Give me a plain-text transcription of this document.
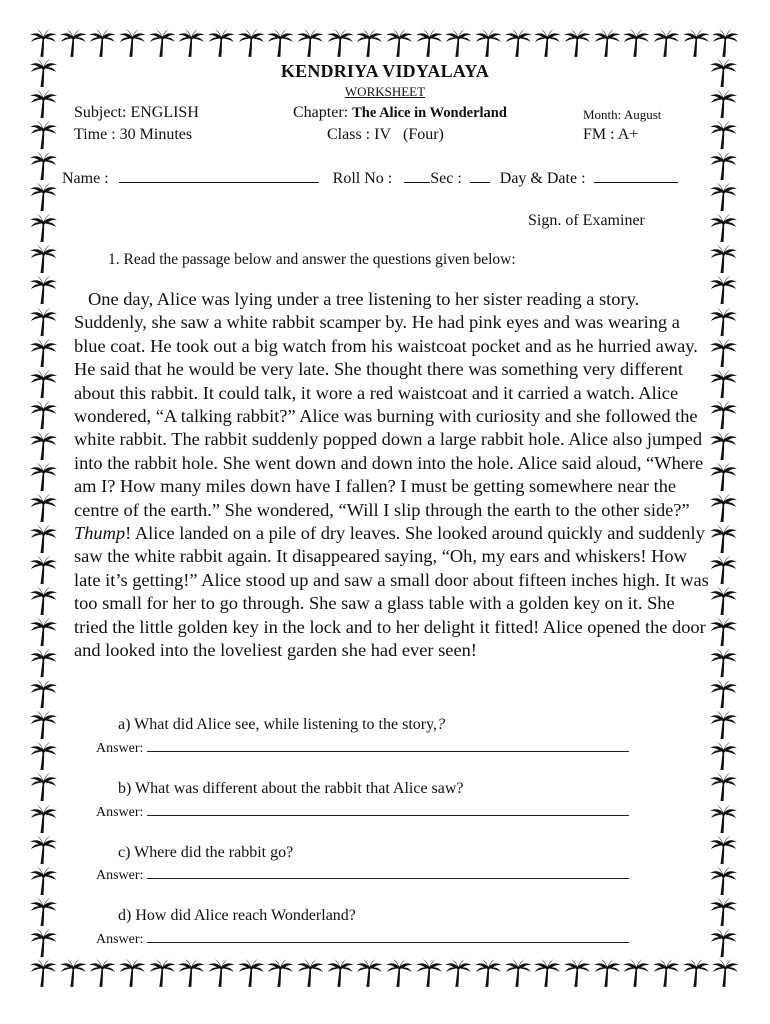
KENDRIYA VIDYALAYA
WORKSHEET
Subject: ENGLISH	Chapter: The Alice in Wonderland	Month: August
Time : 30 Minutes	Class : IV (Four)	FM : A+
Name :	Roll No : Sec : Day & Date :
Sign. of Examiner
1. Read the passage below and answer the questions given below:

One day, Alice was lying under a tree listening to her sister reading a story. Suddenly, she saw a white rabbit scamper by. He had pink eyes and was wearing a blue coat. He took out a big watch from his waistcoat pocket and as he hurried away. He said that he would be very late. She thought there was something very different about this rabbit. It could talk, it wore a red waistcoat and it carried a watch. Alice wondered, “A talking rabbit?” Alice was burning with curiosity and she followed the white rabbit. The rabbit suddenly popped down a large rabbit hole. Alice also jumped into the rabbit hole. She went down and down into the hole. Alice said aloud, “Where am I? How many miles down have I fallen? I must be getting somewhere near the centre of the earth.” She wondered, “Will I slip through the earth to the other side?” Thump! Alice landed on a pile of dry leaves. She looked around quickly and suddenly saw the white rabbit again. It disappeared saying, “Oh, my ears and whiskers! How late it’s getting!” Alice stood up and saw a small door about fifteen inches high. It was too small for her to go through. She saw a glass table with a golden key on it. She tried the little golden key in the lock and to her delight it fitted! Alice opened the door and looked into the loveliest garden she had ever seen!

a) What did Alice see, while listening to the story,?
Answer:
b) What was different about the rabbit that Alice saw?
Answer:
c) Where did the rabbit go?
Answer:
d) How did Alice reach Wonderland?
Answer:
